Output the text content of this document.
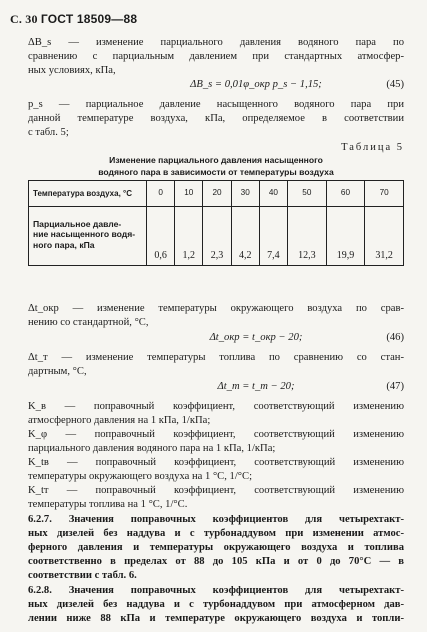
С. 30 ГОСТ 18509—88
ΔB_s — изменение парциального давления водяного пара по
сравнению с парциальным давлением при стандартных атмосфер-
ных условиях, кПа,
ΔB_s = 0,01φ_окр p_s − 1,15;	(45)
p_s — парциальное давление насыщенного водяного пара при
данной температуре воздуха, кПа, определяемое в соответствии
с табл. 5;
Таблица 5
Изменение парциального давления насыщенного
водяного пара в зависимости от температуры воздуха
Температура воздуха, °С	0	10	20	30	40	50	60	70

Парциальное давле-
ние насыщенного водя-
ного пара, кПа	0,6	1,2	2,3	4,2	7,4	12,3	19,9	31,2
Δt_окр — изменение температуры окружающего воздуха по срав-
нению со стандартной, °С,
Δt_окр = t_окр − 20;	(46)
Δt_т — изменение температуры топлива по сравнению со стан-
дартным, °С,
Δt_т = t_т − 20;	(47)
K_в — поправочный коэффициент, соответствующий изменению
атмосферного давления на 1 кПа, 1/кПа;
K_φ — поправочный коэффициент, соответствующий изменению
парциального давления водяного пара на 1 кПа, 1/кПа;
K_tв — поправочный коэффициент, соответствующий изменению
температуры окружающего воздуха на 1 °С, 1/°С;
K_tт — поправочный коэффициент, соответствующий изменению
температуры топлива на 1 °С, 1/°С.
6.2.7. Значения поправочных коэффициентов для четырехтакт-
ных дизелей без наддува и с турбонаддувом при изменении атмос-
ферного давления и температуры окружающего воздуха и топлива
соответственно в пределах от 88 до 105 кПа и от 0 до 70°С — в
соответствии с табл. 6.
6.2.8. Значения поправочных коэффициентов для четырехтакт-
ных дизелей без наддува и с турбонаддувом при атмосферном дав-
лении ниже 88 кПа и температуре окружающего воздуха и топли-
